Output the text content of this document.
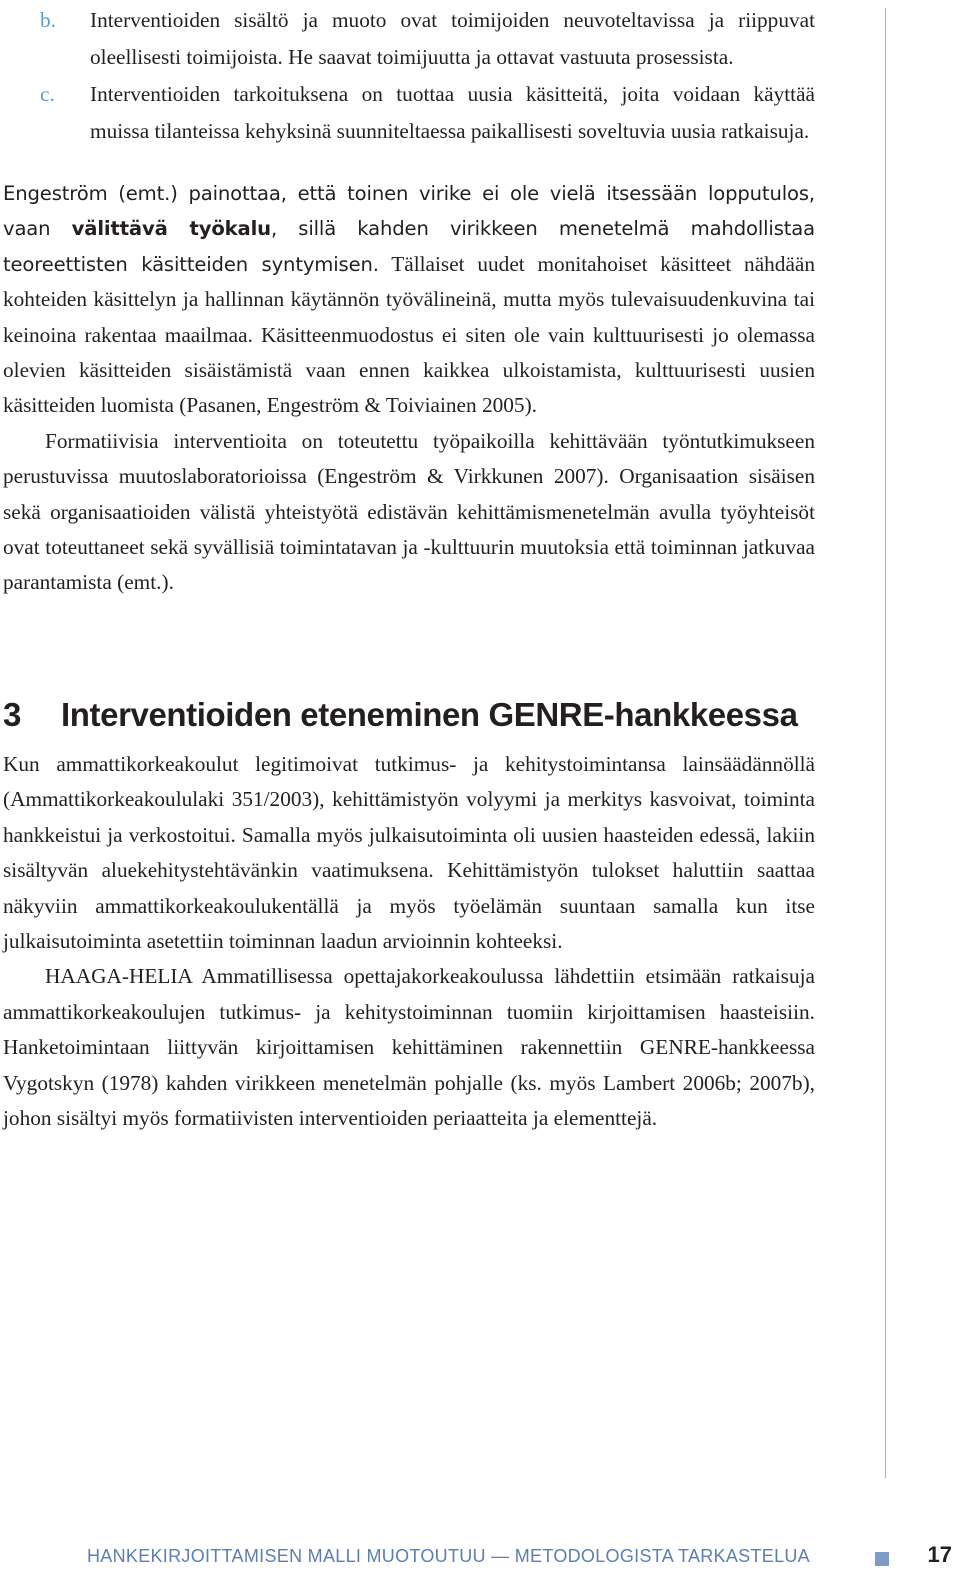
b. Interventioiden sisältö ja muoto ovat toimijoiden neuvoteltavissa ja riippuvat oleellisesti toimijoista. He saavat toimijuutta ja ottavat vastuuta prosessista.
c. Interventioiden tarkoituksena on tuottaa uusia käsitteitä, joita voidaan käyttää muissa tilanteissa kehyksinä suunniteltaessa paikallisesti soveltuvia uusia ratkaisuja.

Engeström (emt.) painottaa, että toinen virike ei ole vielä itsessään lopputulos, vaan välittävä työkalu, sillä kahden virikkeen menetelmä mahdollistaa teoreettisten käsitteiden syntymisen. Tällaiset uudet monitahoiset käsitteet nähdään kohteiden käsittelyn ja hallinnan käytännön työvälineinä, mutta myös tulevaisuudenkuvina tai keinoina rakentaa maailmaa. Käsitteenmuodostus ei siten ole vain kulttuurisesti jo olemassa olevien käsitteiden sisäistämistä vaan ennen kaikkea ulkoistamista, kulttuurisesti uusien käsitteiden luomista (Pasanen, Engeström & Toiviainen 2005).

Formatiivisia interventioita on toteutettu työpaikoilla kehittävään työntutkimukseen perustuvissa muutoslaboratorioissa (Engeström & Virkkunen 2007). Organisaation sisäisen sekä organisaatioiden välistä yhteistyötä edistävän kehittämismenetelmän avulla työyhteisöt ovat toteuttaneet sekä syvällisiä toimintatavan ja -kulttuurin muutoksia että toiminnan jatkuvaa parantamista (emt.).

3 Interventioiden eteneminen GENRE-hankkeessa

Kun ammattikorkeakoulut legitimoivat tutkimus- ja kehitystoimintansa lainsäädännöllä (Ammattikorkeakoululaki 351/2003), kehittämistyön volyymi ja merkitys kasvoivat, toiminta hankkeistui ja verkostoitui. Samalla myös julkaisutoiminta oli uusien haasteiden edessä, lakiin sisältyvän aluekehitystehtävänkin vaatimuksena. Kehittämistyön tulokset haluttiin saattaa näkyviin ammattikorkeakoulukentällä ja myös työelämän suuntaan samalla kun itse julkaisutoiminta asetettiin toiminnan laadun arvioinnin kohteeksi.

HAAGA-HELIA Ammatillisessa opettajakorkeakoulussa lähdettiin etsimään ratkaisuja ammattikorkeakoulujen tutkimus- ja kehitystoiminnan tuomiin kirjoittamisen haasteisiin. Hanketoimintaan liittyvän kirjoittamisen kehittäminen rakennettiin GENRE-hankkeessa Vygotskyn (1978) kahden virikkeen menetelmän pohjalle (ks. myös Lambert 2006b; 2007b), johon sisältyi myös formatiivisten interventioiden periaatteita ja elementtejä.

HANKEKIRJOITTAMISEN MALLI MUOTOUTUU — METODOLOGISTA TARKASTELUA	17
